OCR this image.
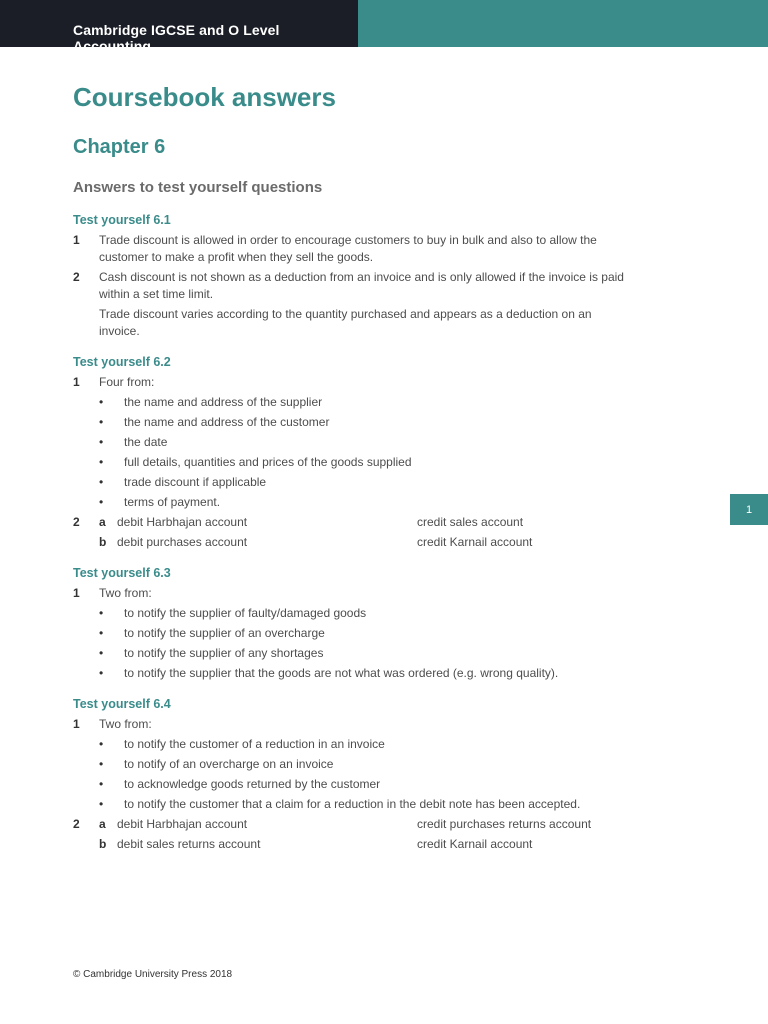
Cambridge IGCSE and O Level Accounting
1
Coursebook answers
Chapter 6
Answers to test yourself questions
Test yourself 6.1
1 Trade discount is allowed in order to encourage customers to buy in bulk and also to allow the customer to make a profit when they sell the goods.
2 Cash discount is not shown as a deduction from an invoice and is only allowed if the invoice is paid within a set time limit.
Trade discount varies according to the quantity purchased and appears as a deduction on an invoice.
Test yourself 6.2
1 Four from:
• the name and address of the supplier
• the name and address of the customer
• the date
• full details, quantities and prices of the goods supplied
• trade discount if applicable
• terms of payment.
2 a debit Harbhajan account	credit sales account
b debit purchases account	credit Karnail account
Test yourself 6.3
1 Two from:
• to notify the supplier of faulty/damaged goods
• to notify the supplier of an overcharge
• to notify the supplier of any shortages
• to notify the supplier that the goods are not what was ordered (e.g. wrong quality).
Test yourself 6.4
1 Two from:
• to notify the customer of a reduction in an invoice
• to notify of an overcharge on an invoice
• to acknowledge goods returned by the customer
• to notify the customer that a claim for a reduction in the debit note has been accepted.
2 a debit Harbhajan account	credit purchases returns account
b debit sales returns account	credit Karnail account
© Cambridge University Press 2018
